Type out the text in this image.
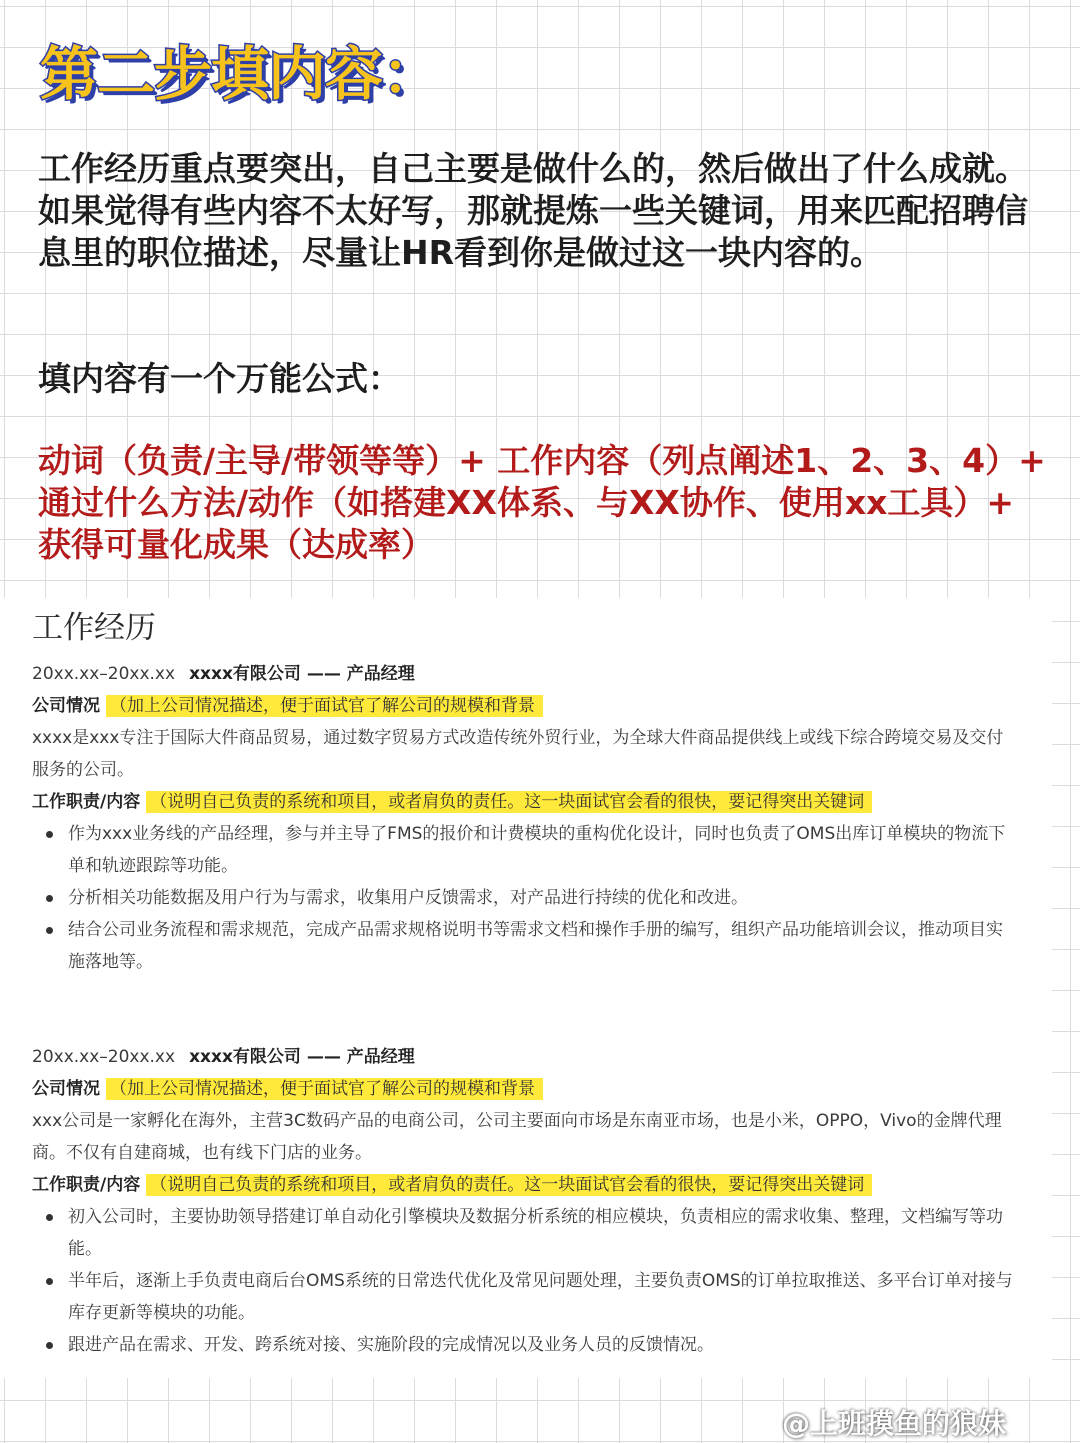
第二步填内容：

工作经历重点要突出，自己主要是做什么的，然后做出了什么成就。如果觉得有些内容不太好写，那就提炼一些关键词，用来匹配招聘信息里的职位描述，尽量让HR看到你是做过这一块内容的。

填内容有一个万能公式：

动词（负责/主导/带领等等）+ 工作内容（列点阐述1、2、3、4）+ 通过什么方法/动作（如搭建XX体系、与XX协作、使用xx工具）+ 获得可量化成果（达成率）

工作经历
20xx.xx–20xx.xx xxxx有限公司 —— 产品经理
公司情况 （加上公司情况描述，便于面试官了解公司的规模和背景

xxxx是xxx专注于国际大件商品贸易，通过数字贸易方式改造传统外贸行业，为全球大件商品提供线上或线下综合跨境交易及交付服务的公司。

工作职责/内容 （说明自己负责的系统和项目，或者肩负的责任。这一块面试官会看的很快，要记得突出关键词
作为xxx业务线的产品经理，参与并主导了FMS的报价和计费模块的重构优化设计，同时也负责了OMS出库订单模块的物流下单和轨迹跟踪等功能。
分析相关功能数据及用户行为与需求，收集用户反馈需求，对产品进行持续的优化和改进。
结合公司业务流程和需求规范，完成产品需求规格说明书等需求文档和操作手册的编写，组织产品功能培训会议，推动项目实施落地等。
20xx.xx–20xx.xx xxxx有限公司 —— 产品经理
公司情况 （加上公司情况描述，便于面试官了解公司的规模和背景

xxx公司是一家孵化在海外，主营3C数码产品的电商公司，公司主要面向市场是东南亚市场，也是小米，OPPO，Vivo的金牌代理商。不仅有自建商城，也有线下门店的业务。

工作职责/内容 （说明自己负责的系统和项目，或者肩负的责任。这一块面试官会看的很快，要记得突出关键词
初入公司时，主要协助领导搭建订单自动化引擎模块及数据分析系统的相应模块，负责相应的需求收集、整理，文档编写等功能。
半年后，逐渐上手负责电商后台OMS系统的日常迭代优化及常见问题处理，主要负责OMS的订单拉取推送、多平台订单对接与库存更新等模块的功能。
跟进产品在需求、开发、跨系统对接、实施阶段的完成情况以及业务人员的反馈情况。
@上班摸鱼的狼妹
